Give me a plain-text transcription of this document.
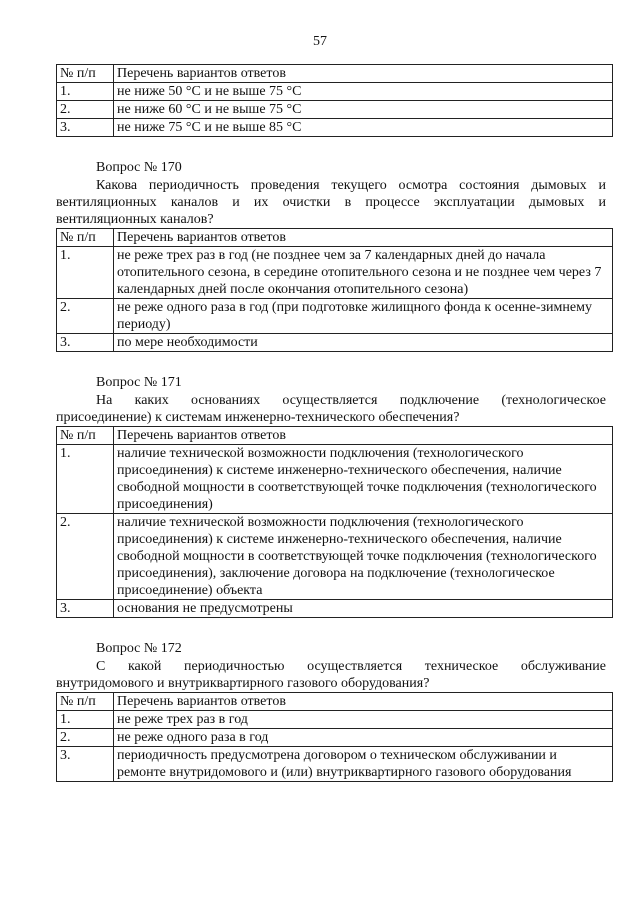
57
№ п/п	Перечень вариантов ответов
1.	не ниже 50 °С и не выше 75 °С
2.	не ниже 60 °С и не выше 75 °С
3.	не ниже 75 °С и не выше 85 °С
Вопрос № 170
Какова периодичность проведения текущего осмотра состояния дымовых и вентиляционных каналов и их очистки в процессе эксплуатации дымовых и вентиляционных каналов?
№ п/п	Перечень вариантов ответов
1.	не реже трех раз в год (не позднее чем за 7 календарных дней до начала отопительного сезона, в середине отопительного сезона и не позднее чем через 7 календарных дней после окончания отопительного сезона)
2.	не реже одного раза в год (при подготовке жилищного фонда к осенне-зимнему периоду)
3.	по мере необходимости
Вопрос № 171
На каких основаниях осуществляется подключение (технологическое присоединение) к системам инженерно-технического обеспечения?
№ п/п	Перечень вариантов ответов
1.	наличие технической возможности подключения (технологического присоединения) к системе инженерно-технического обеспечения, наличие свободной мощности в соответствующей точке подключения (технологического присоединения)
2.	наличие технической возможности подключения (технологического присоединения) к системе инженерно-технического обеспечения, наличие свободной мощности в соответствующей точке подключения (технологического присоединения), заключение договора на подключение (технологическое присоединение) объекта
3.	основания не предусмотрены
Вопрос № 172
С какой периодичностью осуществляется техническое обслуживание внутридомового и внутриквартирного газового оборудования?
№ п/п	Перечень вариантов ответов
1.	не реже трех раз в год
2.	не реже одного раза в год
3.	периодичность предусмотрена договором о техническом обслуживании и ремонте внутридомового и (или) внутриквартирного газового оборудования
